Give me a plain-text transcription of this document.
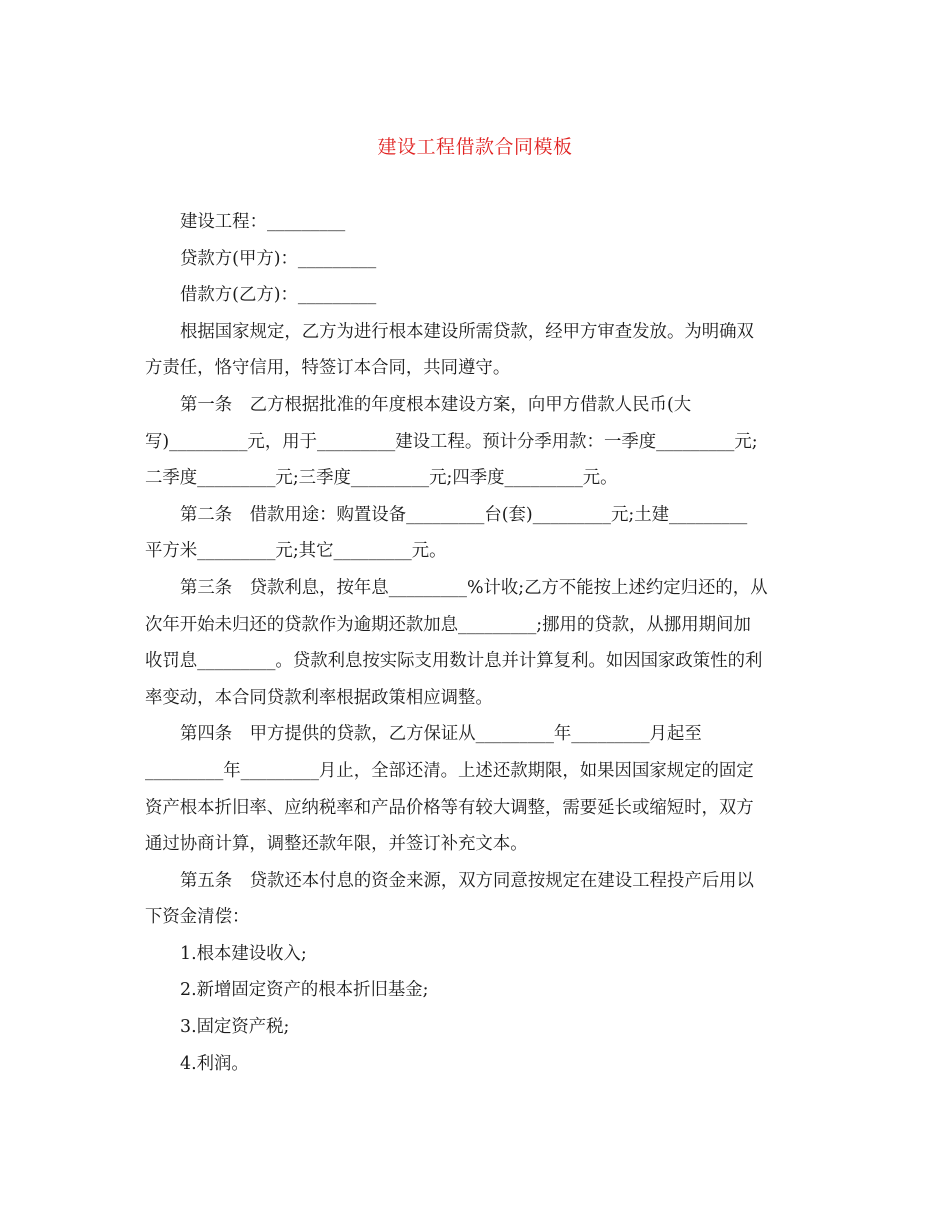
建设工程借款合同模板
建设工程：_________
贷款方(甲方)：_________
借款方(乙方)：_________
根据国家规定，乙方为进行根本建设所需贷款，经甲方审查发放。为明确双
方责任，恪守信用，特签订本合同，共同遵守。
第一条　乙方根据批准的年度根本建设方案，向甲方借款人民币(大
写)_________元，用于_________建设工程。预计分季用款：一季度_________元;
二季度_________元;三季度_________元;四季度_________元。
第二条　借款用途：购置设备_________台(套)_________元;土建_________
平方米_________元;其它_________元。
第三条　贷款利息，按年息_________%计收;乙方不能按上述约定归还的，从
次年开始未归还的贷款作为逾期还款加息_________;挪用的贷款，从挪用期间加
收罚息_________。贷款利息按实际支用数计息并计算复利。如因国家政策性的利
率变动，本合同贷款利率根据政策相应调整。
第四条　甲方提供的贷款，乙方保证从_________年_________月起至
_________年_________月止，全部还清。上述还款期限，如果因国家规定的固定
资产根本折旧率、应纳税率和产品价格等有较大调整，需要延长或缩短时，双方
通过协商计算，调整还款年限，并签订补充文本。
第五条　贷款还本付息的资金来源，双方同意按规定在建设工程投产后用以
下资金清偿：
1.根本建设收入;
2.新增固定资产的根本折旧基金;
3.固定资产税;
4.利润。
